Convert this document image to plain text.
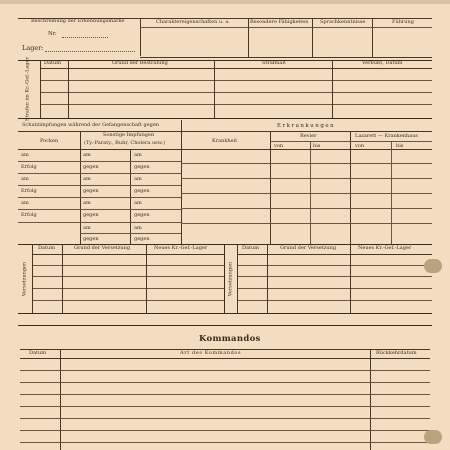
Beschreibung der Erkennungsmarke
Nr.
Lager:
Charaktereigenschaften u. a.	Besondere Fähigkeiten Sprachkenntnisse	Führung
Strafen im Kr.-Gef.-Lager	Datum	Grund der Bestrafung	Strafmaß	Verbüßt, Datum
Schutzimpfungen während der Gefangenschaft gegen
Pocken
Sonstige Impfungen
(Ty.-Paraty., Ruhr, Cholera usw.)
am	am	am
Erfolg	gegen	gegen
am	am	am
Erfolg	gegen	gegen
am	am	am
Erfolg	gegen	gegen
am	am
gegen	gegen
Erkrankungen
Krankheit
Revier
von	bis
Lazarett — Krankenhaus
von	bis
Versetzungen	Versetzungen
Datum	Grund der Versetzung	Neues Kr.-Gef.-Lager	Datum	Grund der Versetzung	Neues Kr.-Gef.-Lager
Kommandos
Datum	Art des Kommandos	Rückkehrdatum
